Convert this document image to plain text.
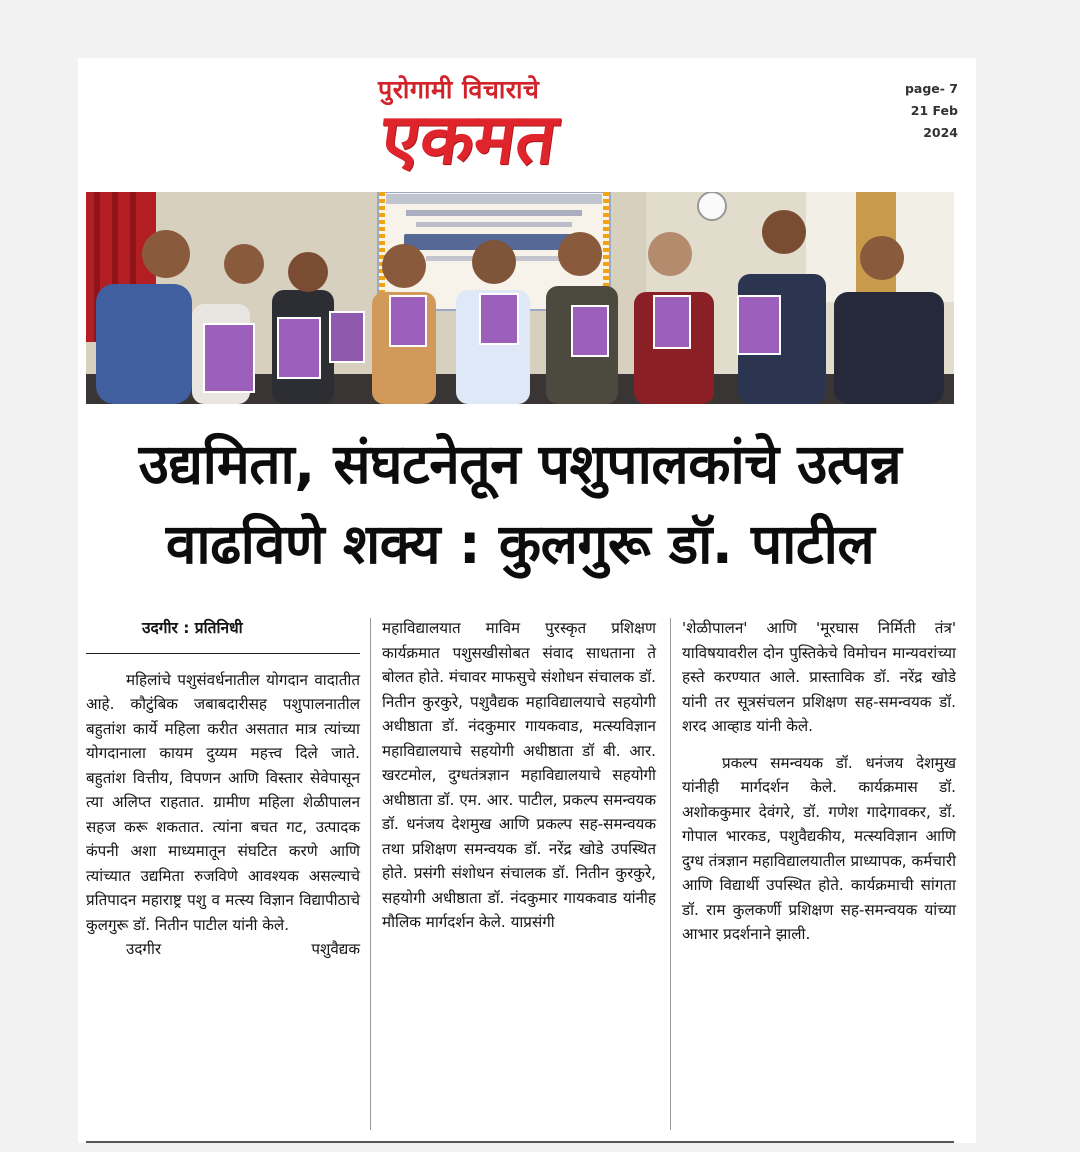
पुरोगामी विचाराचे
एकमत
page- 7
21 Feb 2024
उद्यमिता, संघटनेतून पशुपालकांचे उत्पन्न
वाढविणे शक्य : कुलगुरू डॉ. पाटील

उदगीर : प्रतिनिधी

महिलांचे पशुसंवर्धनातील योगदान वादातीत आहे. कौटुंबिक जबाबदारीसह पशुपालनातील बहुतांश कार्ये महिला करीत असतात मात्र त्यांच्या योगदानाला कायम दुय्यम महत्त्व दिले जाते. बहुतांश वित्तीय, विपणन आणि विस्तार सेवेपासून त्या अलिप्त राहतात. ग्रामीण महिला शेळीपालन सहज करू शकतात. त्यांना बचत गट, उत्पादक कंपनी अशा माध्यमातून संघटित करणे आणि त्यांच्यात उद्यमिता रुजविणे आवश्यक असल्याचे प्रतिपादन महाराष्ट्र पशु व मत्स्य विज्ञान विद्यापीठाचे कुलगुरू डॉ. नितीन पाटील यांनी केले.

उदगीर पशुवैद्यक

महाविद्यालयात माविम पुरस्कृत प्रशिक्षण कार्यक्रमात पशुसखीसोबत संवाद साधताना ते बोलत होते. मंचावर माफसुचे संशोधन संचालक डॉ. नितीन कुरकुरे, पशुवैद्यक महाविद्यालयाचे सहयोगी अधीष्ठाता डॉ. नंदकुमार गायकवाड, मत्स्यविज्ञान महाविद्यालयाचे सहयोगी अधीष्ठाता डॉ बी. आर. खरटमोल, दुग्धतंत्रज्ञान महाविद्यालयाचे सहयोगी अधीष्ठाता डॉ. एम. आर. पाटील, प्रकल्प समन्वयक डॉ. धनंजय देशमुख आणि प्रकल्प सह-समन्वयक तथा प्रशिक्षण समन्वयक डॉ. नरेंद्र खोडे उपस्थित होते. प्रसंगी संशोधन संचालक डॉ. नितीन कुरकुरे, सहयोगी अधीष्ठाता डॉ. नंदकुमार गायकवाड यांनीह मौलिक मार्गदर्शन केले. याप्रसंगी

'शेळीपालन' आणि 'मूरघास निर्मिती तंत्र' याविषयावरील दोन पुस्तिकेचे विमोचन मान्यवरांच्या हस्ते करण्यात आले. प्रास्ताविक डॉ. नरेंद्र खोडे यांनी तर सूत्रसंचलन प्रशिक्षण सह-समन्वयक डॉ. शरद आव्हाड यांनी केले.

प्रकल्प समन्वयक डॉ. धनंजय देशमुख यांनीही मार्गदर्शन केले. कार्यक्रमास डॉ. अशोककुमार देवंगरे, डॉ. गणेश गादेगावकर, डॉ. गोपाल भारकड, पशुवैद्यकीय, मत्स्यविज्ञान आणि दुग्ध तंत्रज्ञान महाविद्यालयातील प्राध्यापक, कर्मचारी आणि विद्यार्थी उपस्थित होते. कार्यक्रमाची सांगता डॉ. राम कुलकर्णी प्रशिक्षण सह-समन्वयक यांच्या आभार प्रदर्शनाने झाली.
